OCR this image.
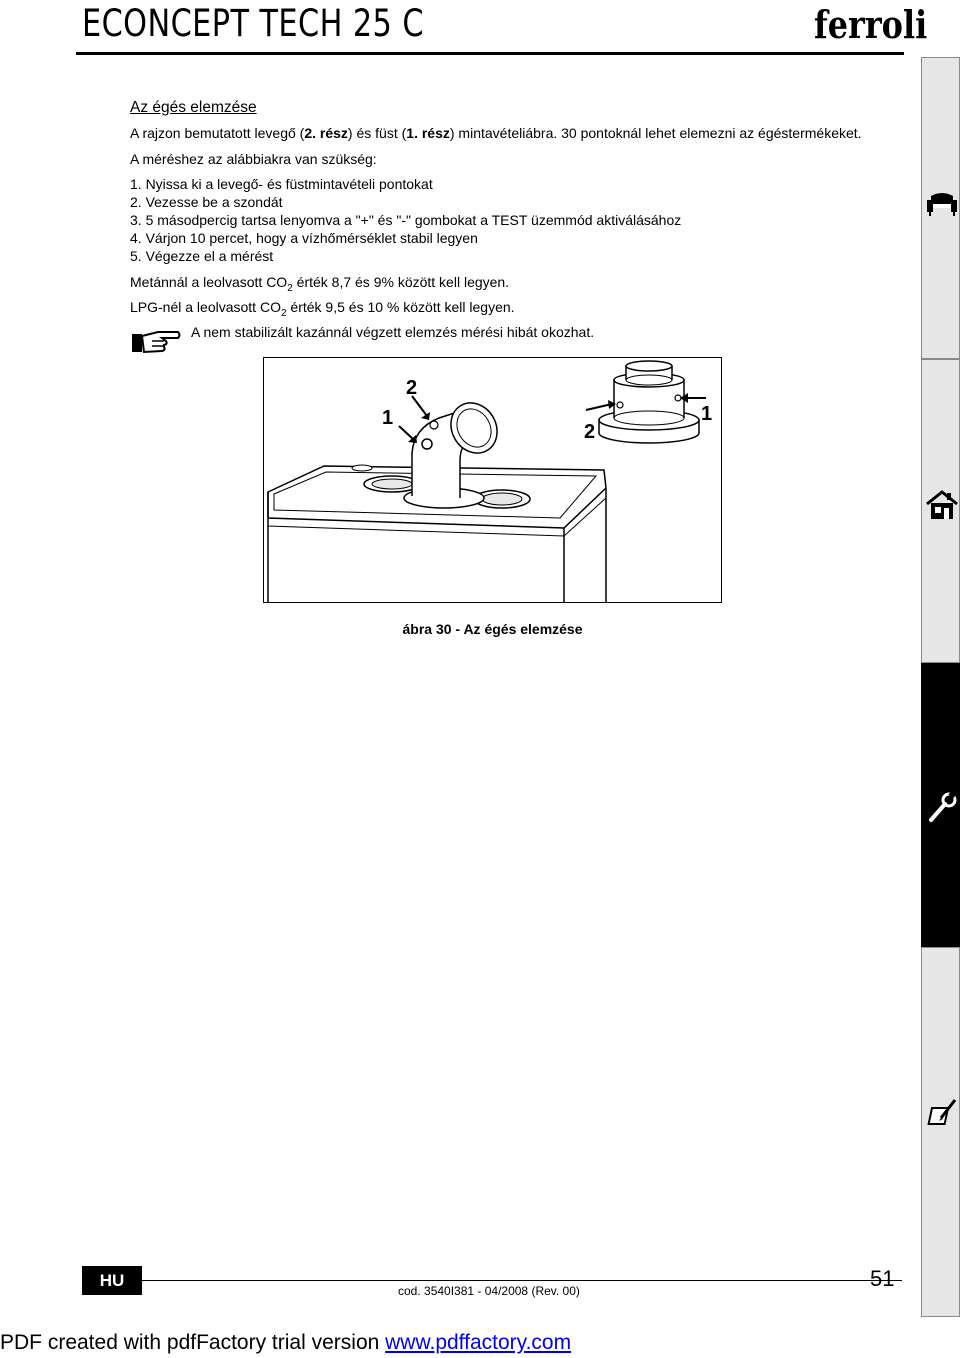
ECONCEPT TECH 25 C	ferroli
Az égés elemzése
A rajzon bemutatott levegő (2. rész) és füst (1. rész) mintavételiábra. 30 pontoknál lehet elemezni az égéstermékeket.
A méréshez az alábbiakra van szükség:
1. Nyissa ki a levegő- és füstmintavételi pontokat
2. Vezesse be a szondát
3. 5 másodpercig tartsa lenyomva a "+" és "-" gombokat a TEST üzemmód aktiválásához
4. Várjon 10 percet, hogy a vízhőmérséklet stabil legyen
5. Végezze el a mérést
Metánnál a leolvasott $CO_2$ érték 8,7 és 9% között kell legyen.
LPG-nél a leolvasott $CO_2$ érték 9,5 és 10 % között kell legyen.
A nem stabilizált kazánnál végzett elemzés mérési hibát okozhat.
2
1
2
1
ábra 30 - Az égés elemzése
HU	51
cod. 3540I381 - 04/2008 (Rev. 00)
PDF created with pdfFactory trial version www.pdffactory.com
